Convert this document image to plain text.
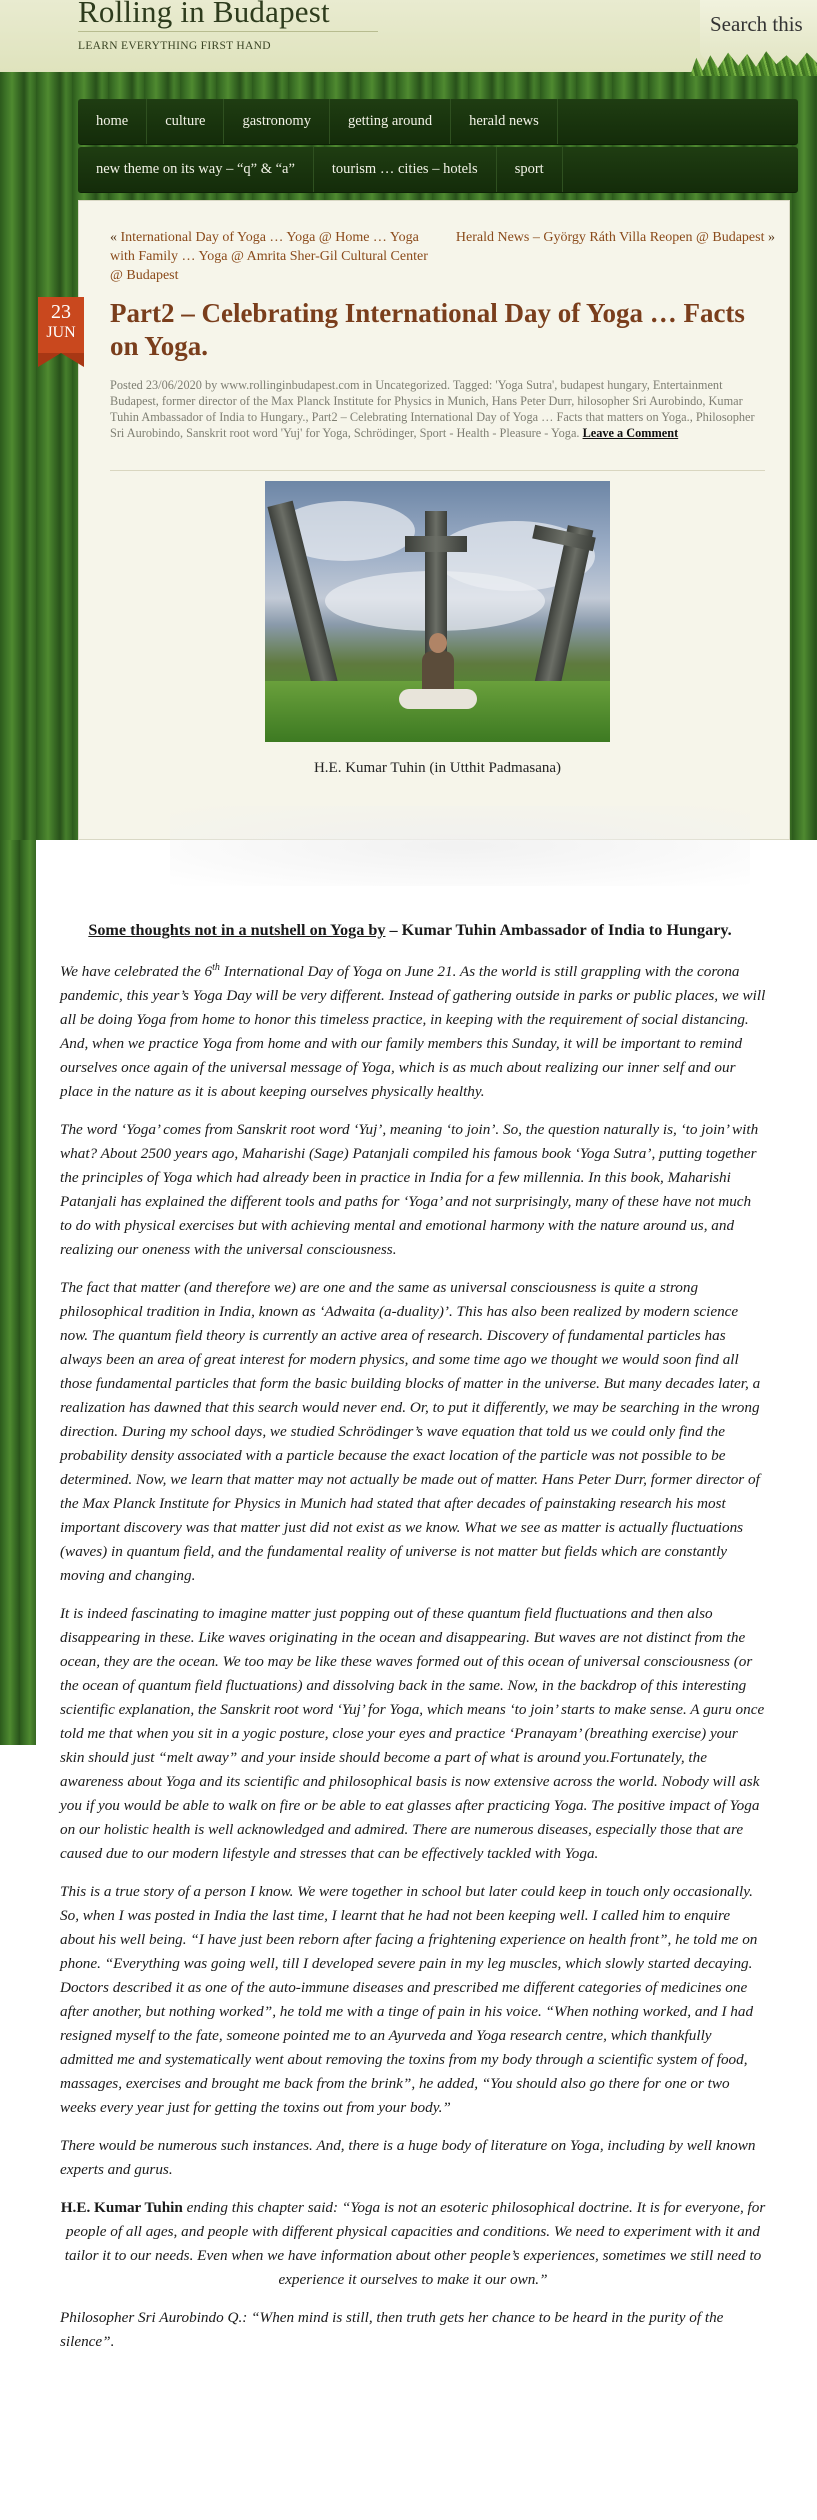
Rolling in Budapest
LEARN EVERYTHING FIRST HAND
Search this
home	culture	gastronomy	getting around	herald news
new theme on its way – “q” & “a”	tourism … cities – hotels	sport
« International Day of Yoga … Yoga @ Home … Yoga with Family … Yoga @ Amrita Sher-Gil Cultural Center @ Budapest
Herald News – György Ráth Villa Reopen @ Budapest »
23
JUN
Part2 – Celebrating International Day of Yoga … Facts on Yoga.
Posted 23/06/2020 by www.rollinginbudapest.com in Uncategorized. Tagged: 'Yoga Sutra', budapest hungary, Entertainment Budapest, former director of the Max Planck Institute for Physics in Munich, Hans Peter Durr, hilosopher Sri Aurobindo, Kumar Tuhin Ambassador of India to Hungary., Part2 – Celebrating International Day of Yoga … Facts that matters on Yoga., Philosopher Sri Aurobindo, Sanskrit root word 'Yuj' for Yoga, Schrödinger, Sport - Health - Pleasure - Yoga. Leave a Comment
H.E. Kumar Tuhin (in Utthit Padmasana)

Some thoughts not in a nutshell on Yoga by – Kumar Tuhin Ambassador of India to Hungary.

We have celebrated the 6th International Day of Yoga on June 21. As the world is still grappling with the corona pandemic, this year’s Yoga Day will be very different. Instead of gathering outside in parks or public places, we will all be doing Yoga from home to honor this timeless practice, in keeping with the requirement of social distancing. And, when we practice Yoga from home and with our family members this Sunday, it will be important to remind ourselves once again of the universal message of Yoga, which is as much about realizing our inner self and our place in the nature as it is about keeping ourselves physically healthy.

The word ‘Yoga’ comes from Sanskrit root word ‘Yuj’, meaning ‘to join’. So, the question naturally is, ‘to join’ with what? About 2500 years ago, Maharishi (Sage) Patanjali compiled his famous book ‘Yoga Sutra’, putting together the principles of Yoga which had already been in practice in India for a few millennia. In this book, Maharishi Patanjali has explained the different tools and paths for ‘Yoga’ and not surprisingly, many of these have not much to do with physical exercises but with achieving mental and emotional harmony with the nature around us, and realizing our oneness with the universal consciousness.

The fact that matter (and therefore we) are one and the same as universal consciousness is quite a strong philosophical tradition in India, known as ‘Adwaita (a-duality)’. This has also been realized by modern science now. The quantum field theory is currently an active area of research. Discovery of fundamental particles has always been an area of great interest for modern physics, and some time ago we thought we would soon find all those fundamental particles that form the basic building blocks of matter in the universe. But many decades later, a realization has dawned that this search would never end. Or, to put it differently, we may be searching in the wrong direction. During my school days, we studied Schrödinger’s wave equation that told us we could only find the probability density associated with a particle because the exact location of the particle was not possible to be determined. Now, we learn that matter may not actually be made out of matter. Hans Peter Durr, former director of the Max Planck Institute for Physics in Munich had stated that after decades of painstaking research his most important discovery was that matter just did not exist as we know. What we see as matter is actually fluctuations (waves) in quantum field, and the fundamental reality of universe is not matter but fields which are constantly moving and changing.

It is indeed fascinating to imagine matter just popping out of these quantum field fluctuations and then also disappearing in these. Like waves originating in the ocean and disappearing. But waves are not distinct from the ocean, they are the ocean. We too may be like these waves formed out of this ocean of universal consciousness (or the ocean of quantum field fluctuations) and dissolving back in the same. Now, in the backdrop of this interesting scientific explanation, the Sanskrit root word ‘Yuj’ for Yoga, which means ‘to join’ starts to make sense. A guru once told me that when you sit in a yogic posture, close your eyes and practice ‘Pranayam’ (breathing exercise) your skin should just “melt away” and your inside should become a part of what is around you.Fortunately, the awareness about Yoga and its scientific and philosophical basis is now extensive across the world. Nobody will ask you if you would be able to walk on fire or be able to eat glasses after practicing Yoga. The positive impact of Yoga on our holistic health is well acknowledged and admired. There are numerous diseases, especially those that are caused due to our modern lifestyle and stresses that can be effectively tackled with Yoga.

This is a true story of a person I know. We were together in school but later could keep in touch only occasionally. So, when I was posted in India the last time, I learnt that he had not been keeping well. I called him to enquire about his well being. “I have just been reborn after facing a frightening experience on health front”, he told me on phone. “Everything was going well, till I developed severe pain in my leg muscles, which slowly started decaying. Doctors described it as one of the auto-immune diseases and prescribed me different categories of medicines one after another, but nothing worked”, he told me with a tinge of pain in his voice. “When nothing worked, and I had resigned myself to the fate, someone pointed me to an Ayurveda and Yoga research centre, which thankfully admitted me and systematically went about removing the toxins from my body through a scientific system of food, massages, exercises and brought me back from the brink”, he added, “You should also go there for one or two weeks every year just for getting the toxins out from your body.”

There would be numerous such instances. And, there is a huge body of literature on Yoga, including by well known experts and gurus.

H.E. Kumar Tuhin ending this chapter said: “Yoga is not an esoteric philosophical doctrine. It is for everyone, for people of all ages, and people with different physical capacities and conditions. We need to experiment with it and tailor it to our needs. Even when we have information about other people’s experiences, sometimes we still need to experience it ourselves to make it our own.”

Philosopher Sri Aurobindo Q.: “When mind is still, then truth gets her chance to be heard in the purity of the silence”.
